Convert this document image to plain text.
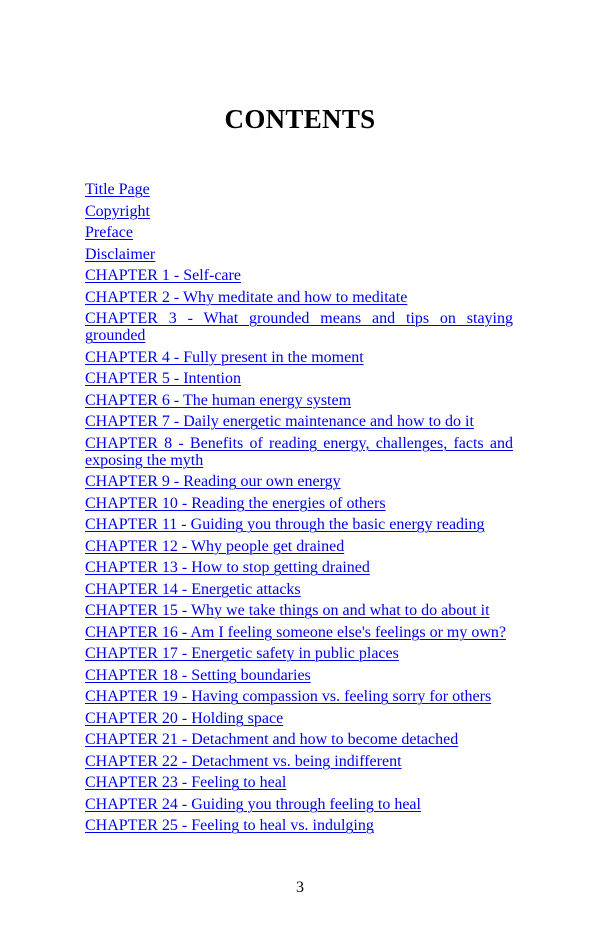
CONTENTS

Title Page

Copyright

Preface

Disclaimer

CHAPTER 1 - Self-care

CHAPTER 2 - Why meditate and how to meditate

CHAPTER 3 - What grounded means and tips on staying
grounded

CHAPTER 4 - Fully present in the moment

CHAPTER 5 - Intention

CHAPTER 6 - The human energy system

CHAPTER 7 - Daily energetic maintenance and how to do it

CHAPTER 8 - Benefits of reading energy, challenges, facts and
exposing the myth

CHAPTER 9 - Reading our own energy

CHAPTER 10 - Reading the energies of others

CHAPTER 11 - Guiding you through the basic energy reading

CHAPTER 12 - Why people get drained

CHAPTER 13 - How to stop getting drained

CHAPTER 14 - Energetic attacks

CHAPTER 15 - Why we take things on and what to do about it

CHAPTER 16 - Am I feeling someone else's feelings or my own?

CHAPTER 17 - Energetic safety in public places

CHAPTER 18 - Setting boundaries

CHAPTER 19 - Having compassion vs. feeling sorry for others

CHAPTER 20 - Holding space

CHAPTER 21 - Detachment and how to become detached

CHAPTER 22 - Detachment vs. being indifferent

CHAPTER 23 - Feeling to heal

CHAPTER 24 - Guiding you through feeling to heal

CHAPTER 25 - Feeling to heal vs. indulging

3
